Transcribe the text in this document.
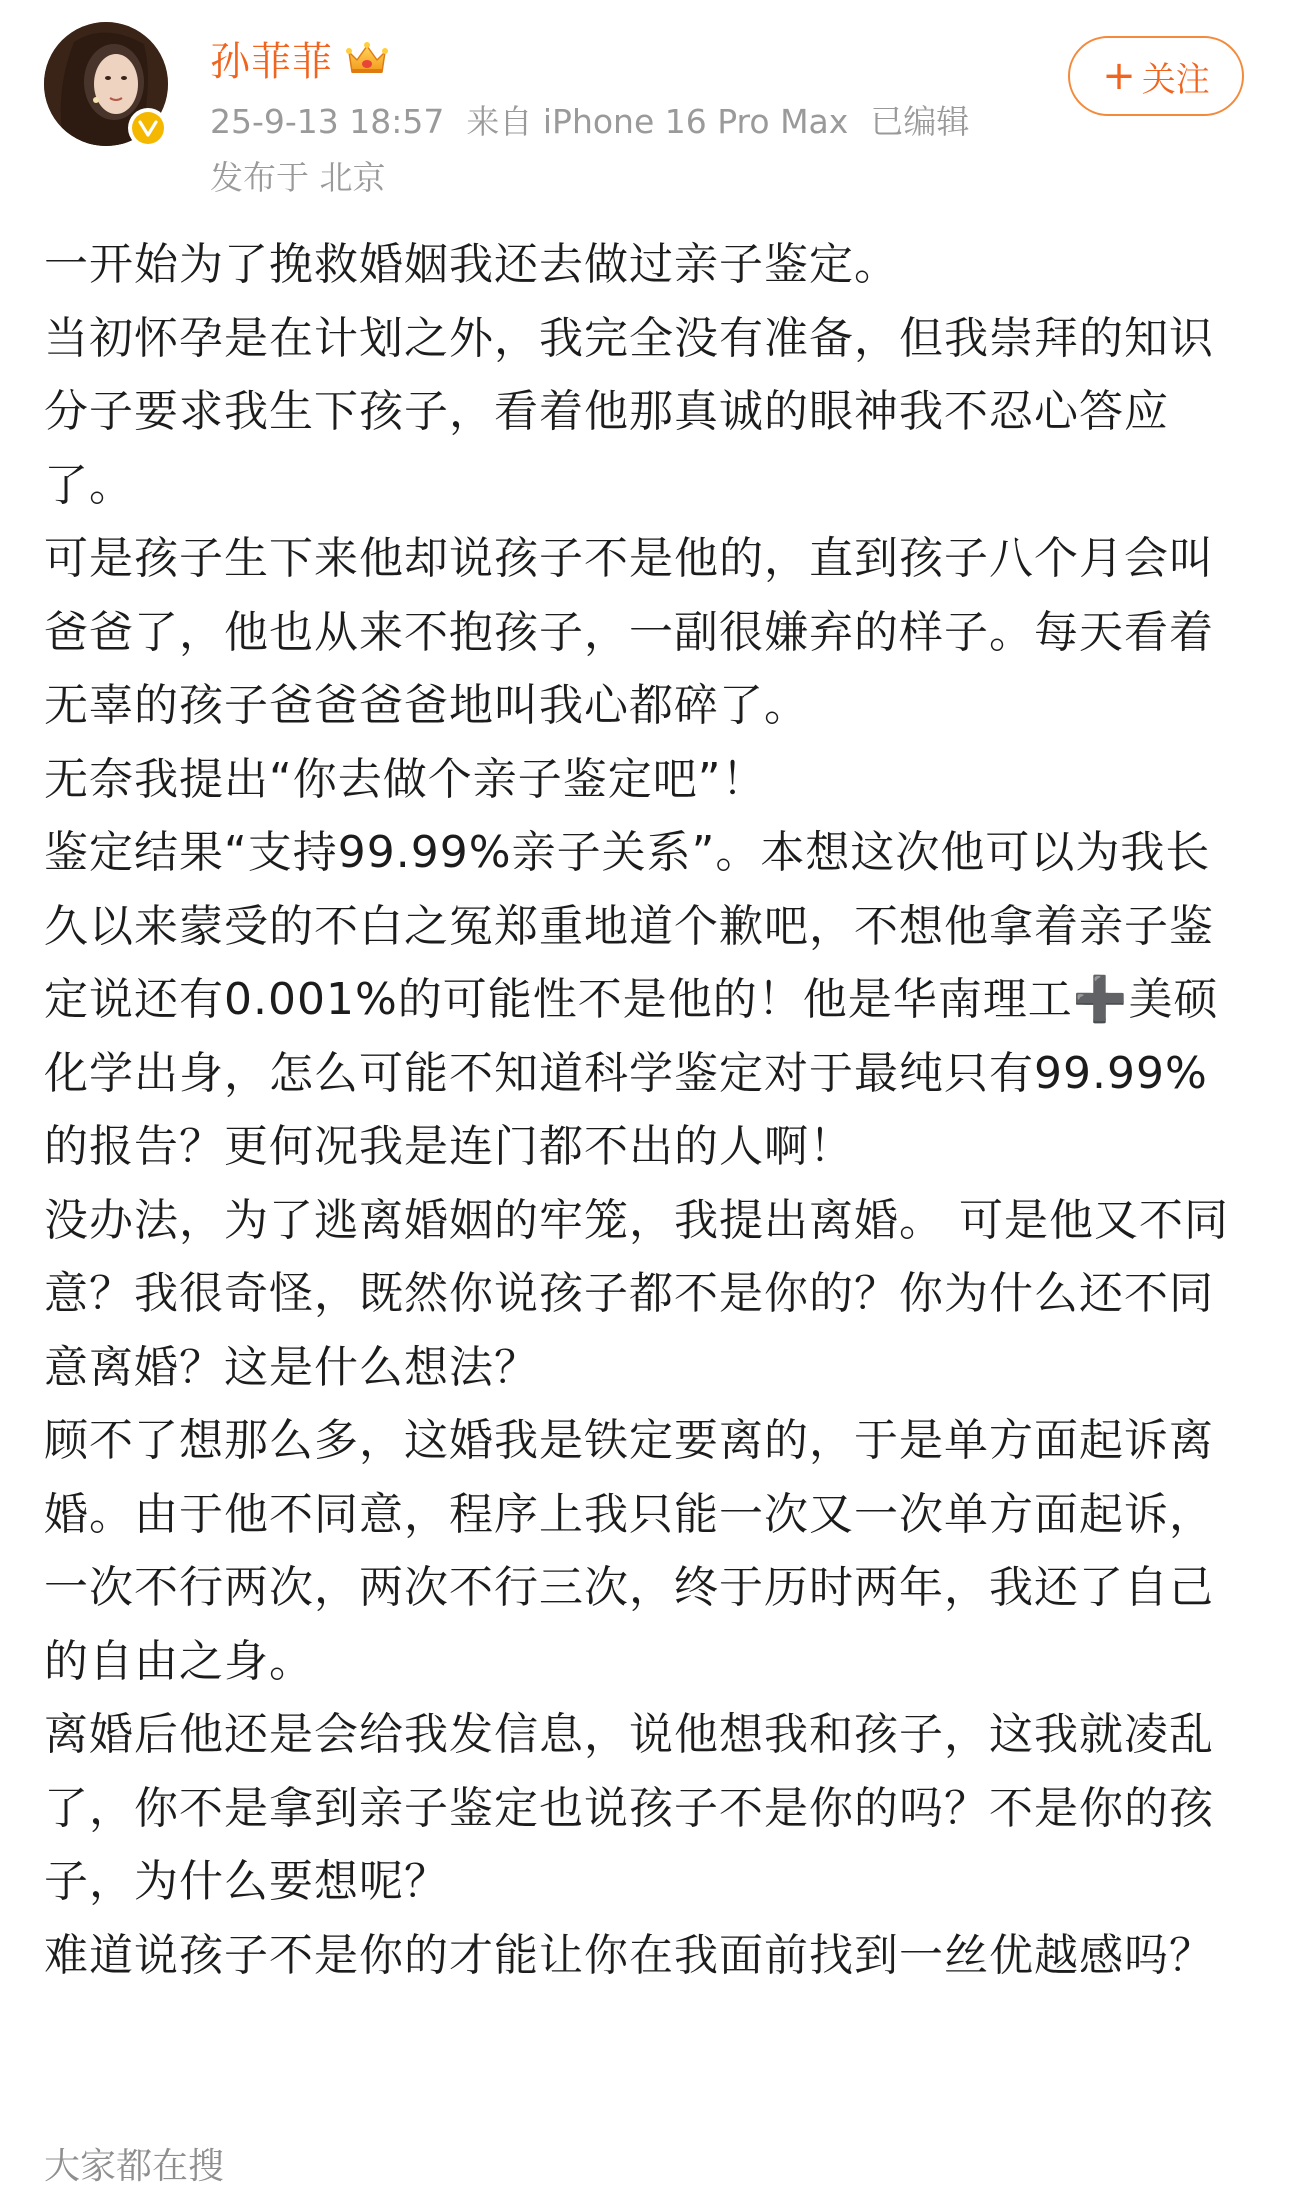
孙菲菲
25-9-13 18:57 来自 iPhone 16 Pro Max 已编辑
发布于 北京
+ 关注

一开始为了挽救婚姻我还去做过亲子鉴定。

当初怀孕是在计划之外，我完全没有准备，但我崇拜的知识分子要求我生下孩子，看着他那真诚的眼神我不忍心答应了。

可是孩子生下来他却说孩子不是他的，直到孩子八个月会叫爸爸了，他也从来不抱孩子，一副很嫌弃的样子。每天看着无辜的孩子爸爸爸爸地叫我心都碎了。

无奈我提出“你去做个亲子鉴定吧”！

鉴定结果“支持99.99%亲子关系”。本想这次他可以为我长久以来蒙受的不白之冤郑重地道个歉吧，不想他拿着亲子鉴定说还有0.001%的可能性不是他的！他是华南理工➕美硕化学出身，怎么可能不知道科学鉴定对于最纯只有99.99%的报告？更何况我是连门都不出的人啊！

没办法，为了逃离婚姻的牢笼，我提出离婚。 可是他又不同意？我很奇怪，既然你说孩子都不是你的？你为什么还不同意离婚？这是什么想法？

顾不了想那么多，这婚我是铁定要离的，于是单方面起诉离婚。由于他不同意，程序上我只能一次又一次单方面起诉，一次不行两次，两次不行三次，终于历时两年，我还了自己的自由之身。

离婚后他还是会给我发信息，说他想我和孩子，这我就凌乱了，你不是拿到亲子鉴定也说孩子不是你的吗？不是你的孩子，为什么要想呢？

难道说孩子不是你的才能让你在我面前找到一丝优越感吗？

大家都在搜
